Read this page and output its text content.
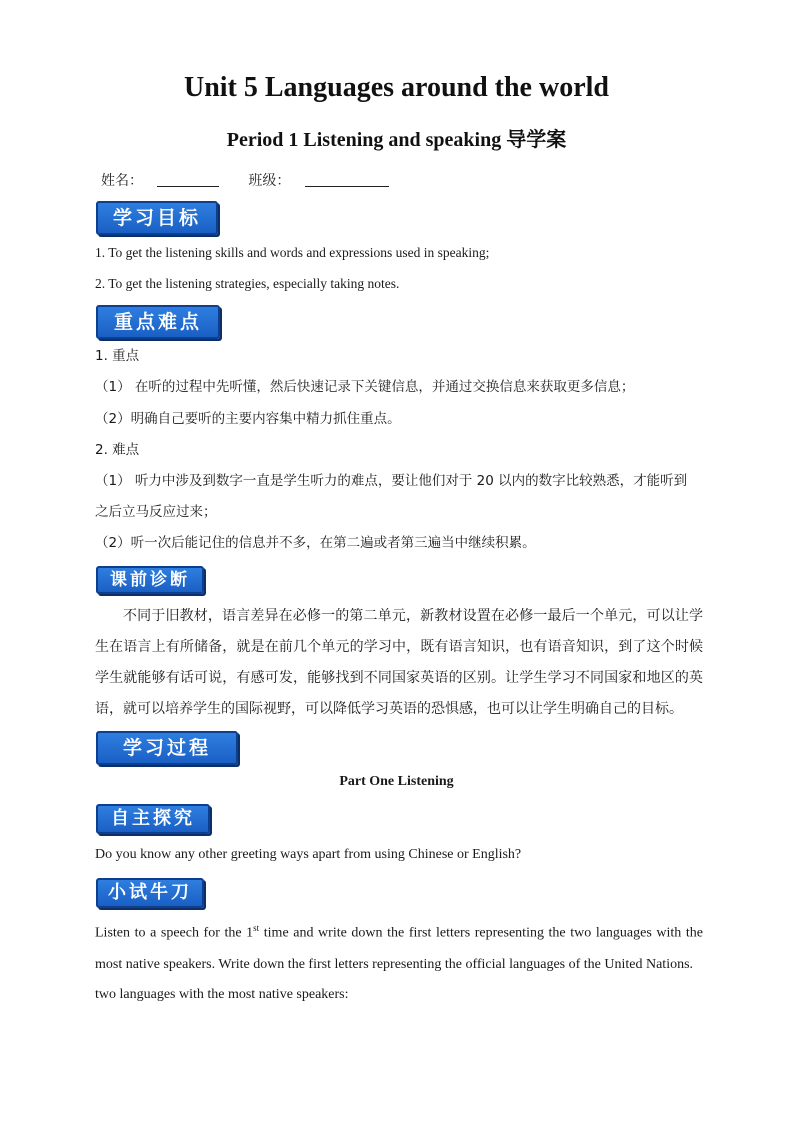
Unit 5 Languages around the world
Period 1 Listening and speaking 导学案
姓名：	班级：
学习目标
1. To get the listening skills and words and expressions used in speaking;
2. To get the listening strategies, especially taking notes.
重点难点
1. 重点
（1） 在听的过程中先听懂，然后快速记录下关键信息，并通过交换信息来获取更多信息；
（2）明确自己要听的主要内容集中精力抓住重点。
2. 难点
（1） 听力中涉及到数字一直是学生听力的难点，要让他们对于 20 以内的数字比较熟悉，才能听到
之后立马反应过来；
（2）听一次后能记住的信息并不多，在第二遍或者第三遍当中继续积累。
课前诊断
不同于旧教材，语言差异在必修一的第二单元，新教材设置在必修一最后一个单元，可以让学生在语言上有所储备，就是在前几个单元的学习中，既有语言知识，也有语音知识，到了这个时候学生就能够有话可说，有感可发，能够找到不同国家英语的区别。让学生学习不同国家和地区的英语，就可以培养学生的国际视野，可以降低学习英语的恐惧感，也可以让学生明确自己的目标。
学习过程
Part One Listening
自主探究
Do you know any other greeting ways apart from using Chinese or English?
小试牛刀
Listen to a speech for the 1st time and write down the first letters representing the two languages with the most native speakers. Write down the first letters representing the official languages of the United Nations.
two languages with the most native speakers:
